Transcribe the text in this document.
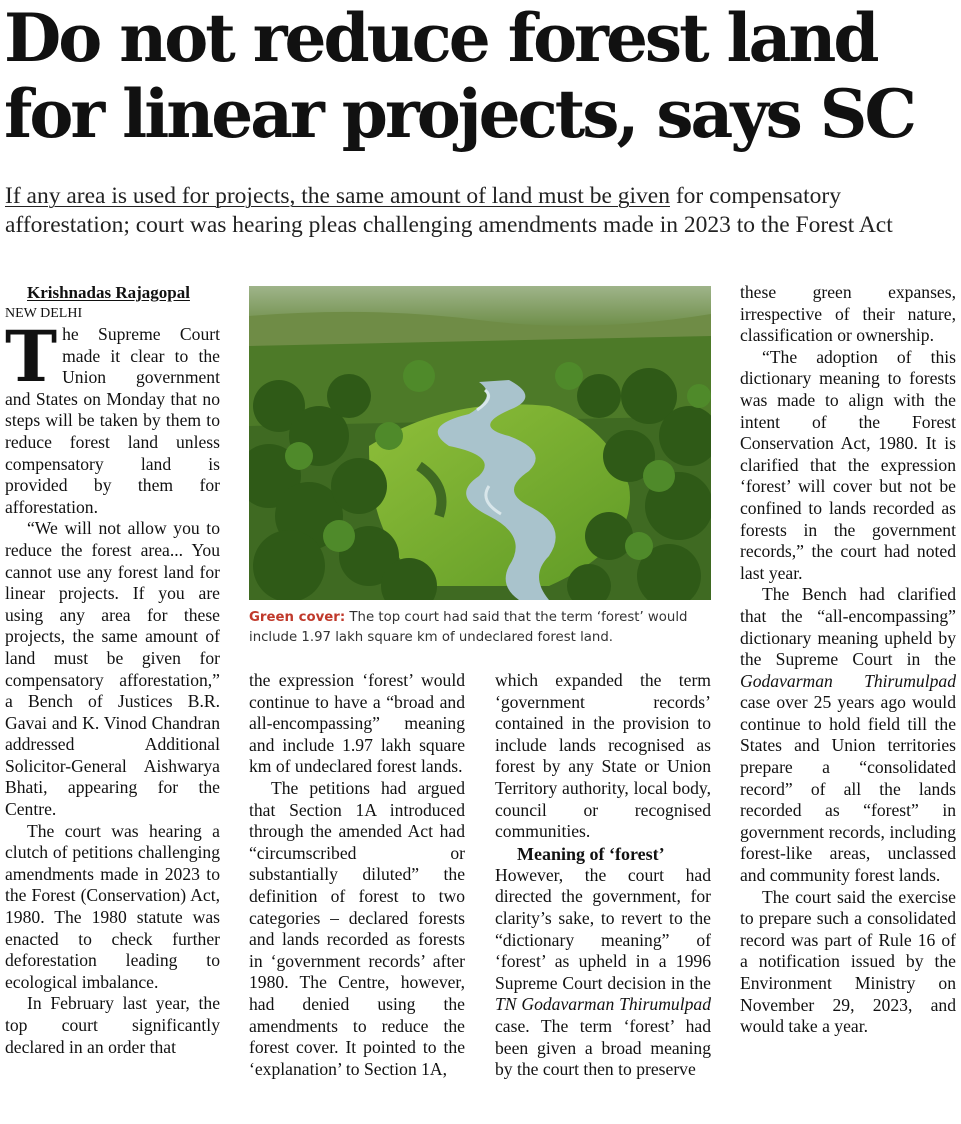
Do not reduce forest land for linear projects, says SC

If any area is used for projects, the same amount of land must be given for compensatory afforestation; court was hearing pleas challenging amendments made in 2023 to the Forest Act

Krishnadas Rajagopal

NEW DELHI

The Supreme Court made it clear to the Union government and States on Monday that no steps will be taken by them to reduce forest land unless compensatory land is provided by them for afforestation.

“We will not allow you to reduce the forest area... You cannot use any forest land for linear projects. If you are using any area for these projects, the same amount of land must be given for compensatory afforestation,” a Bench of Justices B.R. Gavai and K. Vinod Chandran addressed Additional Solicitor-General Aishwarya Bhati, appearing for the Centre.

The court was hearing a clutch of petitions challenging amendments made in 2023 to the Forest (Conservation) Act, 1980. The 1980 statute was enacted to check further deforestation leading to ecological imbalance.

In February last year, the top court significantly declared in an order that

Green cover: The top court had said that the term ‘forest’ would include 1.97 lakh square km of undeclared forest land.

the expression ‘forest’ would continue to have a “broad and all-encompassing” meaning and include 1.97 lakh square km of undeclared forest lands.

The petitions had argued that Section 1A introduced through the amended Act had “circumscribed or substantially diluted” the definition of forest to two categories – declared forests and lands recorded as forests in ‘government records’ after 1980. The Centre, however, had denied using the amendments to reduce the forest cover. It pointed to the ‘explanation’ to Section 1A,

which expanded the term ‘government records’ contained in the provision to include lands recognised as forest by any State or Union Territory authority, local body, council or recognised communities.

Meaning of ‘forest’

However, the court had directed the government, for clarity’s sake, to revert to the “dictionary meaning” of ‘forest’ as upheld in a 1996 Supreme Court decision in the TN Godavarman Thirumulpad case. The term ‘forest’ had been given a broad meaning by the court then to preserve

these green expanses, irrespective of their nature, classification or ownership.

“The adoption of this dictionary meaning to forests was made to align with the intent of the Forest Conservation Act, 1980. It is clarified that the expression ‘forest’ will cover but not be confined to lands recorded as forests in the government records,” the court had noted last year.

The Bench had clarified that the “all-encompassing” dictionary meaning upheld by the Supreme Court in the Godavarman Thirumulpad case over 25 years ago would continue to hold field till the States and Union territories prepare a “consolidated record” of all the lands recorded as “forest” in government records, including forest-like areas, unclassed and community forest lands.

The court said the exercise to prepare such a consolidated record was part of Rule 16 of a notification issued by the Environment Ministry on November 29, 2023, and would take a year.
